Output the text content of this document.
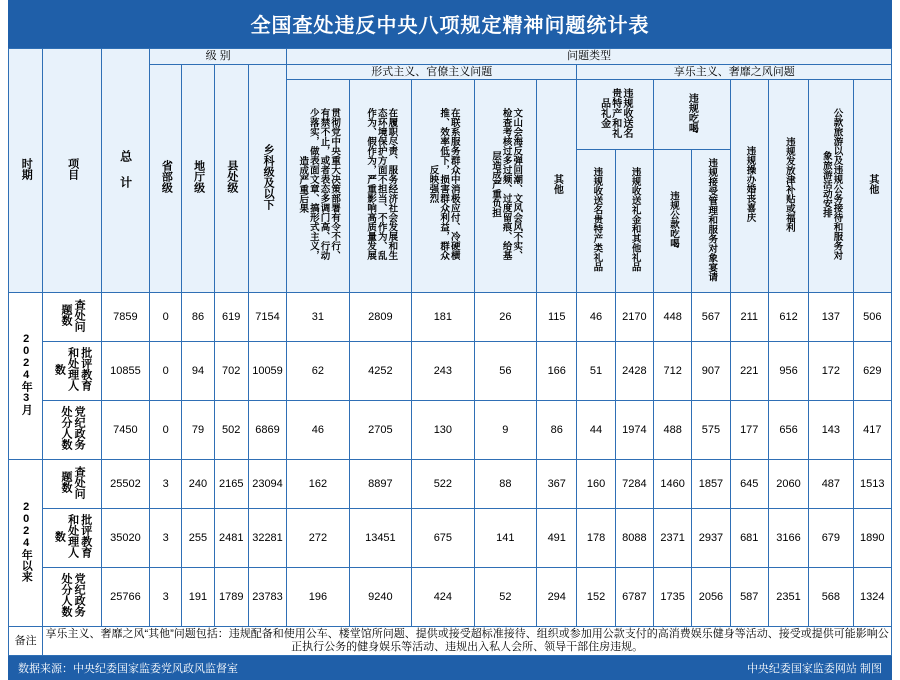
全国查处违反中央八项规定精神问题统计表
时期	项目	总 计	级 别				问题类型												
			省部级	地厅级	县处级	乡科级及以下	形式主义、官僚主义问题					享乐主义、奢靡之风问题							
							贯彻党中央重大决策部署有令不行、有禁不止，或者表态多调门高、行动少落实，做表面文章、搞形式主义，造成严重后果	在履职尽责、服务经济社会发展和生态环境保护方面不担当、不作为、乱作为、假作为，严重影响高质量发展	在联系服务群众中消极应付、冷硬横推、效率低下，损害群众利益，群众反映强烈	文山会海反弹回潮、文风会风不实、检查考核过多过频、过度留痕、给基层造成严重负担	其他	违规收送名贵特产和礼品礼金		违规吃喝		违规操办婚丧喜庆	违规发放津补贴或福利	公款旅游以及违规公务接待和服务对象旅游活动安排	其他
												违规收送名贵特产类礼品	违规收送礼金和其他礼品	违规公款吃喝	违规接受管理和服务对象宴请				
2024年3月	查处问题数	7859	0	86	619	7154	31	2809	181	26	115	46	2170	448	567	211	612	137	506
	批评教育和处理人数	10855	0	94	702	10059	62	4252	243	56	166	51	2428	712	907	221	956	172	629
	党纪政务处分人数	7450	0	79	502	6869	46	2705	130	9	86	44	1974	488	575	177	656	143	417
2024年以来	查处问题数	25502	3	240	2165	23094	162	8897	522	88	367	160	7284	1460	1857	645	2060	487	1513
	批评教育和处理人数	35020	3	255	2481	32281	272	13451	675	141	491	178	8088	2371	2937	681	3166	679	1890
	党纪政务处分人数	25766	3	191	1789	23783	196	9240	424	52	294	152	6787	1735	2056	587	2351	568	1324
备注	享乐主义、奢靡之风“其他”问题包括：违规配备和使用公车、楼堂馆所问题、提供或接受超标准接待、组织或参加用公款支付的高消费娱乐健身等活动、接受或提供可能影响公正执行公务的健身娱乐等活动、违规出入私人会所、领导干部住房违规。																		
数据来源：中央纪委国家监委党风政风监督室	中央纪委国家监委网站 制图
